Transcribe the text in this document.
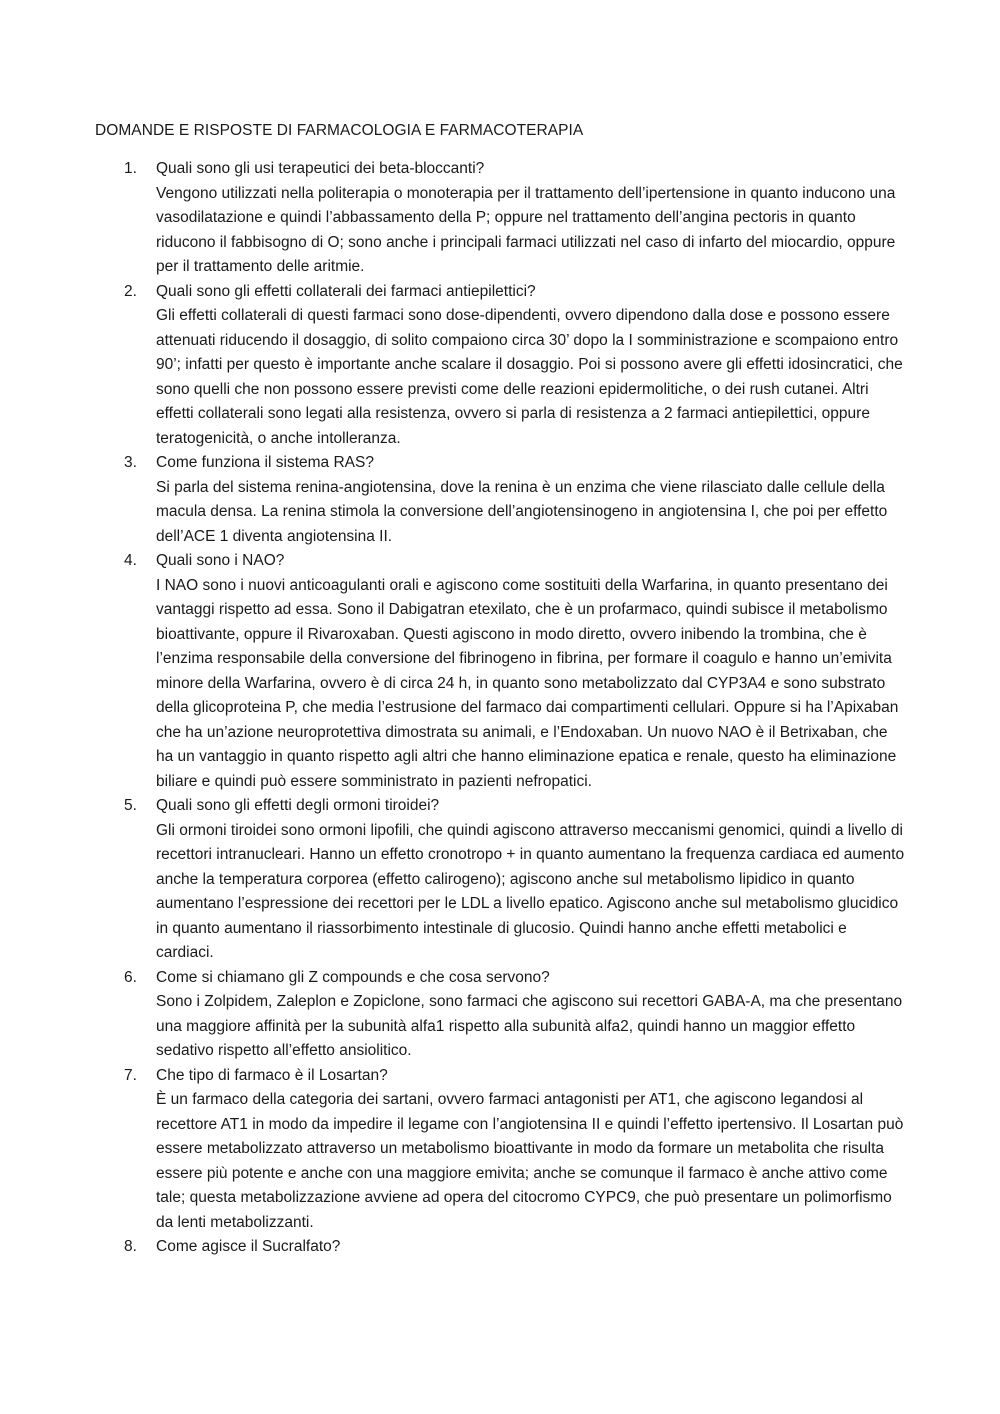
DOMANDE E RISPOSTE DI FARMACOLOGIA E FARMACOTERAPIA
1. Quali sono gli usi terapeutici dei beta-bloccanti?
Vengono utilizzati nella politerapia o monoterapia per il trattamento dell’ipertensione in quanto inducono una vasodilatazione e quindi l’abbassamento della P; oppure nel trattamento dell’angina pectoris in quanto riducono il fabbisogno di O; sono anche i principali farmaci utilizzati nel caso di infarto del miocardio, oppure per il trattamento delle aritmie.
2. Quali sono gli effetti collaterali dei farmaci antiepilettici?
Gli effetti collaterali di questi farmaci sono dose-dipendenti, ovvero dipendono dalla dose e possono essere attenuati riducendo il dosaggio, di solito compaiono circa 30’ dopo la I somministrazione e scompaiono entro 90’; infatti per questo è importante anche scalare il dosaggio. Poi si possono avere gli effetti idosincratici, che sono quelli che non possono essere previsti come delle reazioni epidermolitiche, o dei rush cutanei. Altri effetti collaterali sono legati alla resistenza, ovvero si parla di resistenza a 2 farmaci antiepilettici, oppure teratogenicità, o anche intolleranza.
3. Come funziona il sistema RAS?
Si parla del sistema renina-angiotensina, dove la renina è un enzima che viene rilasciato dalle cellule della macula densa. La renina stimola la conversione dell’angiotensinogeno in angiotensina I, che poi per effetto dell’ACE 1 diventa angiotensina II.
4. Quali sono i NAO?
I NAO sono i nuovi anticoagulanti orali e agiscono come sostituiti della Warfarina, in quanto presentano dei vantaggi rispetto ad essa. Sono il Dabigatran etexilato, che è un profarmaco, quindi subisce il metabolismo bioattivante, oppure il Rivaroxaban. Questi agiscono in modo diretto, ovvero inibendo la trombina, che è l’enzima responsabile della conversione del fibrinogeno in fibrina, per formare il coagulo e hanno un’emivita minore della Warfarina, ovvero è di circa 24 h, in quanto sono metabolizzato dal CYP3A4 e sono substrato della glicoproteina P, che media l’estrusione del farmaco dai compartimenti cellulari. Oppure si ha l’Apixaban che ha un’azione neuroprotettiva dimostrata su animali, e l’Endoxaban. Un nuovo NAO è il Betrixaban, che ha un vantaggio in quanto rispetto agli altri che hanno eliminazione epatica e renale, questo ha eliminazione biliare e quindi può essere somministrato in pazienti nefropatici.
5. Quali sono gli effetti degli ormoni tiroidei?
Gli ormoni tiroidei sono ormoni lipofili, che quindi agiscono attraverso meccanismi genomici, quindi a livello di recettori intranucleari. Hanno un effetto cronotropo + in quanto aumentano la frequenza cardiaca ed aumento anche la temperatura corporea (effetto calirogeno); agiscono anche sul metabolismo lipidico in quanto aumentano l’espressione dei recettori per le LDL a livello epatico. Agiscono anche sul metabolismo glucidico in quanto aumentano il riassorbimento intestinale di glucosio. Quindi hanno anche effetti metabolici e cardiaci.
6. Come si chiamano gli Z compounds e che cosa servono?
Sono i Zolpidem, Zaleplon e Zopiclone, sono farmaci che agiscono sui recettori GABA-A, ma che presentano una maggiore affinità per la subunità alfa1 rispetto alla subunità alfa2, quindi hanno un maggior effetto sedativo rispetto all’effetto ansiolitico.
7. Che tipo di farmaco è il Losartan?
È un farmaco della categoria dei sartani, ovvero farmaci antagonisti per AT1, che agiscono legandosi al recettore AT1 in modo da impedire il legame con l’angiotensina II e quindi l’effetto ipertensivo. Il Losartan può essere metabolizzato attraverso un metabolismo bioattivante in modo da formare un metabolita che risulta essere più potente e anche con una maggiore emivita; anche se comunque il farmaco è anche attivo come tale; questa metabolizzazione avviene ad opera del citocromo CYPC9, che può presentare un polimorfismo da lenti metabolizzanti.
8. Come agisce il Sucralfato?
